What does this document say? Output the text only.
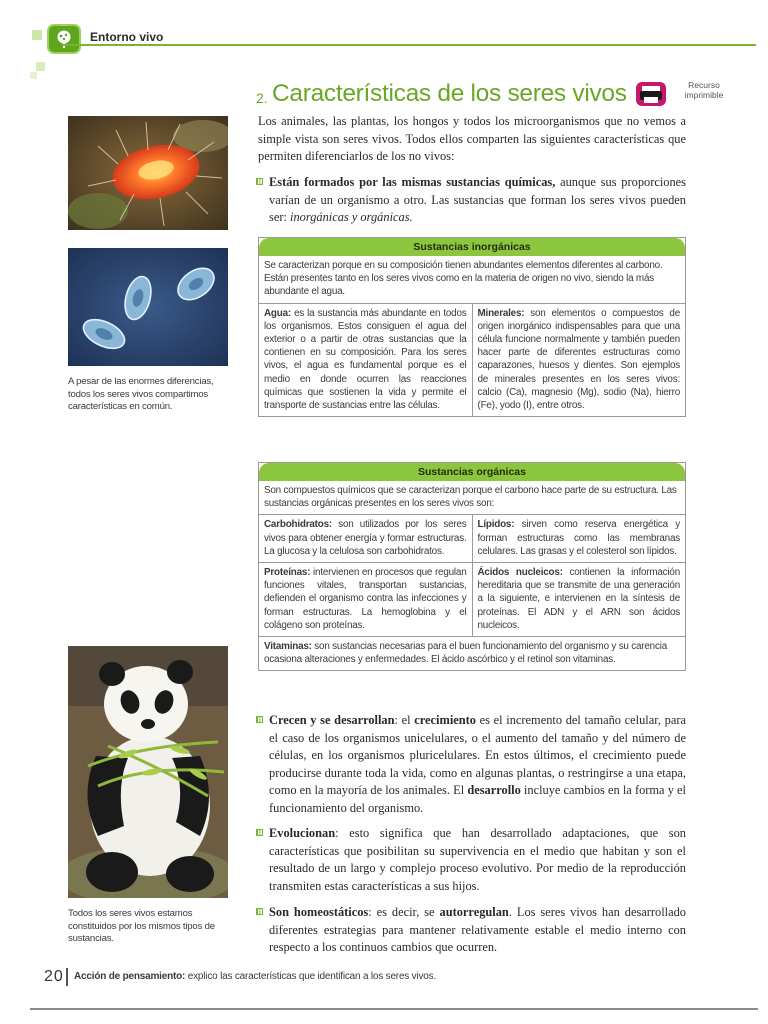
Entorno vivo
A pesar de las enormes diferencias, todos los seres vivos compartimos características en común.
Todos los seres vivos estamos constituidos por los mismos tipos de sustancias.
2. Características de los seres vivos	Recurso
imprimible
Los animales, las plantas, los hongos y todos los microorganismos que no vemos a simple vista son seres vivos. Todos ellos comparten las siguientes características que permiten diferenciarlos de los no vivos:
Están formados por las mismas sustancias químicas, aunque sus proporciones varían de un organismo a otro. Las sustancias que forman los seres vivos pueden ser: inorgánicas y orgánicas.
Sustancias inorgánicas
Se caracterizan porque en su composición tienen abundantes elementos diferentes al carbono. Están presentes tanto en los seres vivos como en la materia de origen no vivo, siendo la más abundante el agua.
Agua: es la sustancia más abundante en todos los organismos. Estos consiguen el agua del exterior o a partir de otras sustancias que la contienen en su composición. Para los seres vivos, el agua es fundamental porque es el medio en donde ocurren las reacciones químicas que sostienen la vida y permite el transporte de sustancias entre las células.
Minerales: son elementos o compuestos de origen inorgánico indispensables para que una célula funcione normalmente y también pueden hacer parte de diferentes estructuras como caparazones, huesos y dientes. Son ejemplos de minerales presentes en los seres vivos: calcio (Ca), magnesio (Mg), sodio (Na), hierro (Fe), yodo (I), entre otros.
Sustancias orgánicas
Son compuestos químicos que se caracterizan porque el carbono hace parte de su estructura. Las sustancias orgánicas presentes en los seres vivos son:
Carbohidratos: son utilizados por los seres vivos para obtener energía y formar estructuras. La glucosa y la celulosa son carbohidratos.
Lípidos: sirven como reserva energética y forman estructuras como las membranas celulares. Las grasas y el colesterol son lípidos.
Proteínas: intervienen en procesos que regulan funciones vitales, transportan sustancias, defienden el organismo contra las infecciones y forman estructuras. La hemoglobina y el colágeno son proteínas.
Ácidos nucleicos: contienen la información hereditaria que se transmite de una generación a la siguiente, e intervienen en la síntesis de proteínas. El ADN y el ARN son ácidos nucleicos.
Vitaminas: son sustancias necesarias para el buen funcionamiento del organismo y su carencia ocasiona alteraciones y enfermedades. El ácido ascórbico y el retinol son vitaminas.
Crecen y se desarrollan: el crecimiento es el incremento del tamaño celular, para el caso de los organismos unicelulares, o el aumento del tamaño y del número de células, en los organismos pluricelulares. En estos últimos, el crecimiento puede producirse durante toda la vida, como en algunas plantas, o restringirse a una etapa, como en la mayoría de los animales. El desarrollo incluye cambios en la forma y el funcionamiento del organismo.
Evolucionan: esto significa que han desarrollado adaptaciones, que son características que posibilitan su supervivencia en el medio que habitan y son el resultado de un largo y complejo proceso evolutivo. Por medio de la reproducción transmiten estas características a sus hijos.
Son homeostáticos: es decir, se autorregulan. Los seres vivos han desarrollado diferentes estrategias para mantener relativamente estable el medio interno con respecto a los continuos cambios que ocurren.
20 Acción de pensamiento: explico las características que identifican a los seres vivos.
